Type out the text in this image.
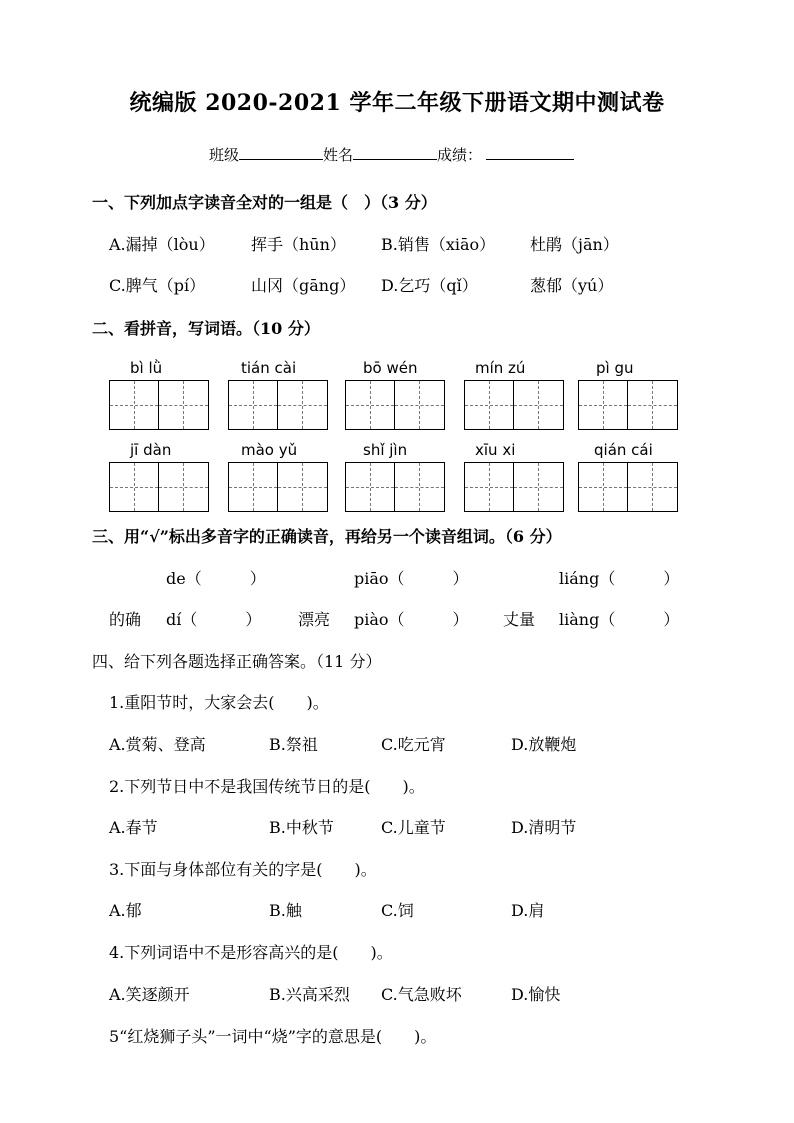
统编版 2020-2021 学年二年级下册语文期中测试卷
班级	姓名	成绩：
一、下列加点字读音全对的一组是（　）（3 分）
A.漏掉（lòu） 挥手（hūn） B.销售（xiāo） 杜鹃（jān）
C.脾气（pí）	山冈（gāng） D.乞巧（qǐ）	葱郁（yú）
二、看拼音，写词语。（10 分）
bì lǜ	tián cài	bō wén	mín zú	pì gu
jī dàn	mào yǔ	shǐ jìn	xīu xi	qián cái
三、用“√”标出多音字的正确读音，再给另一个读音组词。（6 分）
de（　　　）	piāo（　　　）	liáng（　　　）
的确 dí（　　　） 漂亮 piào（　　　） 丈量 liàng（　　　）
四、给下列各题选择正确答案。（11 分）
1.重阳节时，大家会去(　　)。
A.赏菊、登高	B.祭祖	C.吃元宵	D.放鞭炮
2.下列节日中不是我国传统节日的是(　　)。
A.春节	B.中秋节	C.儿童节	D.清明节
3.下面与身体部位有关的字是(　　)。
A.郁	B.触	C.饲	D.肩
4.下列词语中不是形容高兴的是(　　)。
A.笑逐颜开	B.兴高采烈 C.气急败坏	D.愉快
5“红烧狮子头”一词中“烧”字的意思是(　　)。
